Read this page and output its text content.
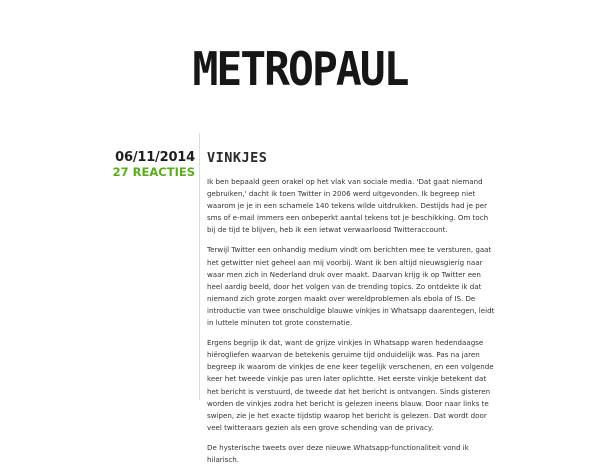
METROPAUL
06/11/2014
27 REACTIES
VINKJES

Ik ben bepaald geen orakel op het vlak van sociale media. 'Dat gaat niemand gebruiken,' dacht ik toen Twitter in 2006 werd uitgevonden. Ik begreep niet waarom je je in een schamele 140 tekens wilde uitdrukken. Destijds had je per sms of e-mail immers een onbeperkt aantal tekens tot je beschikking. Om toch bij de tijd te blijven, heb ik een ietwat verwaarloosd Twitteraccount.

Terwijl Twitter een onhandig medium vindt om berichten mee te versturen, gaat het getwitter niet geheel aan mij voorbij. Want ik ben altijd nieuwsgierig naar waar men zich in Nederland druk over maakt. Daarvan krijg ik op Twitter een heel aardig beeld, door het volgen van de trending topics. Zo ontdekte ik dat niemand zich grote zorgen maakt over wereldproblemen als ebola of IS. De introductie van twee onschuldige blauwe vinkjes in Whatsapp daarentegen, leidt in luttele minuten tot grote consternatie.

Ergens begrijp ik dat, want de grijze vinkjes in Whatsapp waren hedendaagse hiërogliefen waarvan de betekenis geruime tijd onduidelijk was. Pas na jaren begreep ik waarom de vinkjes de ene keer tegelijk verschenen, en een volgende keer het tweede vinkje pas uren later oplichtte. Het eerste vinkje betekent dat het bericht is verstuurd, de tweede dat het bericht is ontvangen. Sinds gisteren worden de vinkjes zodra het bericht is gelezen ineens blauw. Door naar links te swipen, zie je het exacte tijdstip waarop het bericht is gelezen. Dat wordt door veel twitteraars gezien als een grove schending van de privacy.

De hysterische tweets over deze nieuwe Whatsapp-functionaliteit vond ik hilarisch.
